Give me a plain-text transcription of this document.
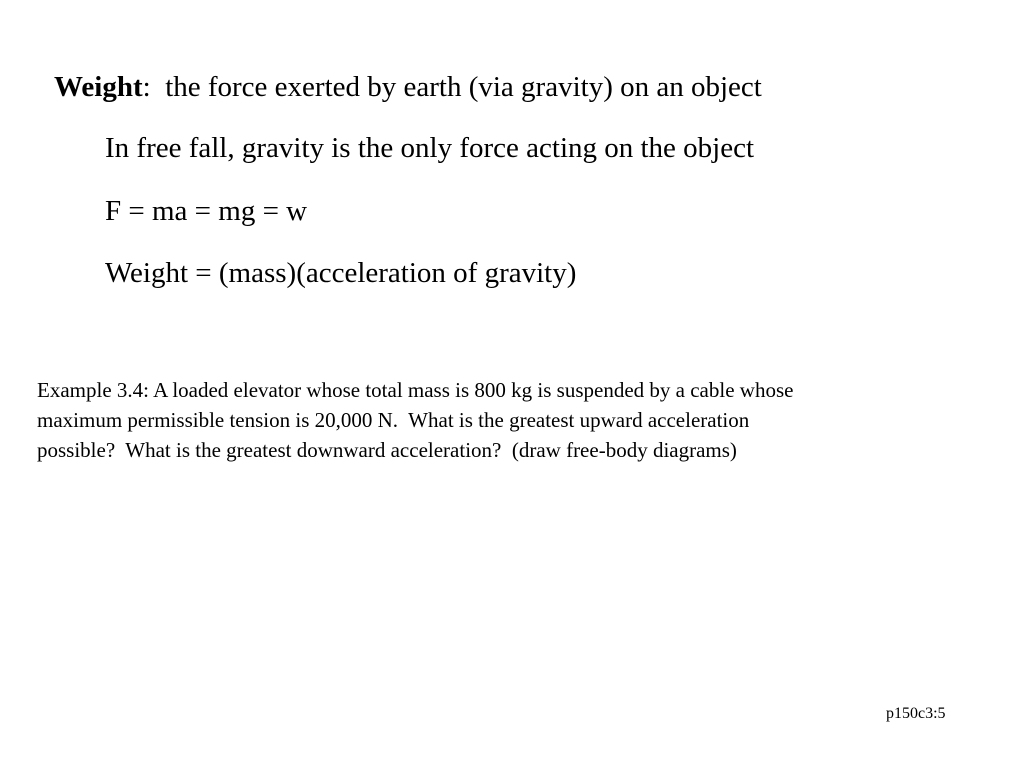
Weight:  the force exerted by earth (via gravity) on an object
In free fall, gravity is the only force acting on the object
F = ma = mg = w
Weight = (mass)(acceleration of gravity)
Example 3.4: A loaded elevator whose total mass is 800 kg is suspended by a cable whose
maximum permissible tension is 20,000 N.  What is the greatest upward acceleration
possible?  What is the greatest downward acceleration?  (draw free-body diagrams)
p150c3:5
